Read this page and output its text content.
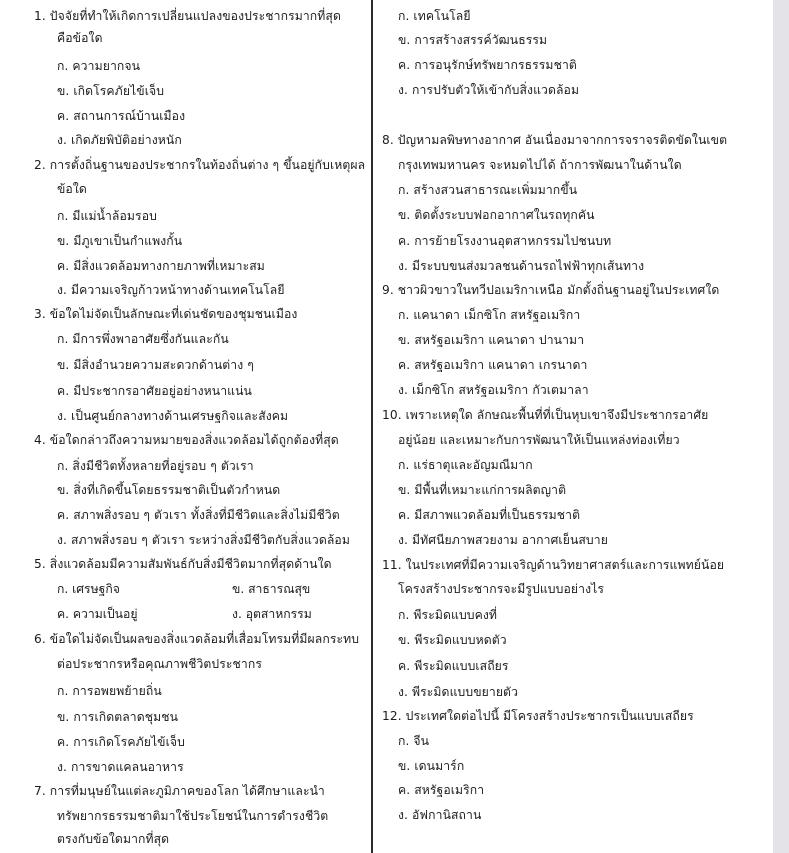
1. ปัจจัยที่ทำให้เกิดการเปลี่ยนแปลงของประชากรมากที่สุด
คือข้อใด
ก. ความยากจน
ข. เกิดโรคภัยไข้เจ็บ
ค. สถานการณ์บ้านเมือง
ง. เกิดภัยพิบัติอย่างหนัก
2. การตั้งถิ่นฐานของประชากรในท้องถิ่นต่าง ๆ ขึ้นอยู่กับเหตุผล
ข้อใด
ก. มีแม่น้ำล้อมรอบ
ข. มีภูเขาเป็นกำแพงกั้น
ค. มีสิ่งแวดล้อมทางกายภาพที่เหมาะสม
ง. มีความเจริญก้าวหน้าทางด้านเทคโนโลยี
3. ข้อใดไม่จัดเป็นลักษณะที่เด่นชัดของชุมชนเมือง
ก. มีการพึ่งพาอาศัยซึ่งกันและกัน
ข. มีสิ่งอำนวยความสะดวกด้านต่าง ๆ
ค. มีประชากรอาศัยอยู่อย่างหนาแน่น
ง. เป็นศูนย์กลางทางด้านเศรษฐกิจและสังคม
4. ข้อใดกล่าวถึงความหมายของสิ่งแวดล้อมได้ถูกต้องที่สุด
ก. สิ่งมีชีวิตทั้งหลายที่อยู่รอบ ๆ ตัวเรา
ข. สิ่งที่เกิดขึ้นโดยธรรมชาติเป็นตัวกำหนด
ค. สภาพสิ่งรอบ ๆ ตัวเรา ทั้งสิ่งที่มีชีวิตและสิ่งไม่มีชีวิต
ง. สภาพสิ่งรอบ ๆ ตัวเรา ระหว่างสิ่งมีชีวิตกับสิ่งแวดล้อม
5. สิ่งแวดล้อมมีความสัมพันธ์กับสิ่งมีชีวิตมากที่สุดด้านใด
ก. เศรษฐกิจ	ข. สาธารณสุข
ค. ความเป็นอยู่	ง. อุตสาหกรรม
6. ข้อใดไม่จัดเป็นผลของสิ่งแวดล้อมที่เสื่อมโทรมที่มีผลกระทบ
ต่อประชากรหรือคุณภาพชีวิตประชากร
ก. การอพยพย้ายถิ่น
ข. การเกิดตลาดชุมชน
ค. การเกิดโรคภัยไข้เจ็บ
ง. การขาดแคลนอาหาร
7. การที่มนุษย์ในแต่ละภูมิภาคของโลก ได้ศึกษาและนำ
ทรัพยากรธรรมชาติมาใช้ประโยชน์ในการดำรงชีวิต
ตรงกับข้อใดมากที่สุด
ก. เทคโนโลยี
ข. การสร้างสรรค์วัฒนธรรม
ค. การอนุรักษ์ทรัพยากรธรรมชาติ
ง. การปรับตัวให้เข้ากับสิ่งแวดล้อม
8. ปัญหามลพิษทางอากาศ อันเนื่องมาจากการจราจรติดขัดในเขต
กรุงเทพมหานคร จะหมดไปได้ ถ้าการพัฒนาในด้านใด
ก. สร้างสวนสาธารณะเพิ่มมากขึ้น
ข. ติดตั้งระบบฟอกอากาศในรถทุกคัน
ค. การย้ายโรงงานอุตสาหกรรมไปชนบท
ง. มีระบบขนส่งมวลชนด้านรถไฟฟ้าทุกเส้นทาง
9. ชาวผิวขาวในทวีปอเมริกาเหนือ มักตั้งถิ่นฐานอยู่ในประเทศใด
ก. แคนาดา เม็กซิโก สหรัฐอเมริกา
ข. สหรัฐอเมริกา แคนาดา ปานามา
ค. สหรัฐอเมริกา แคนาดา เกรนาดา
ง. เม็กซิโก สหรัฐอเมริกา กัวเตมาลา
10. เพราะเหตุใด ลักษณะพื้นที่ที่เป็นหุบเขาจึงมีประชากรอาศัย
อยู่น้อย และเหมาะกับการพัฒนาให้เป็นแหล่งท่องเที่ยว
ก. แร่ธาตุและอัญมณีมาก
ข. มีพื้นที่เหมาะแก่การผลิตญาติ
ค. มีสภาพแวดล้อมที่เป็นธรรมชาติ
ง. มีทัศนียภาพสวยงาม อากาศเย็นสบาย
11. ในประเทศที่มีความเจริญด้านวิทยาศาสตร์และการแพทย์น้อย
โครงสร้างประชากรจะมีรูปแบบอย่างไร
ก. พีระมิดแบบคงที่
ข. พีระมิดแบบหดตัว
ค. พีระมิดแบบเสถียร
ง. พีระมิดแบบขยายตัว
12. ประเทศใดต่อไปนี้ มีโครงสร้างประชากรเป็นแบบเสถียร
ก. จีน
ข. เดนมาร์ก
ค. สหรัฐอเมริกา
ง. อัฟกานิสถาน
